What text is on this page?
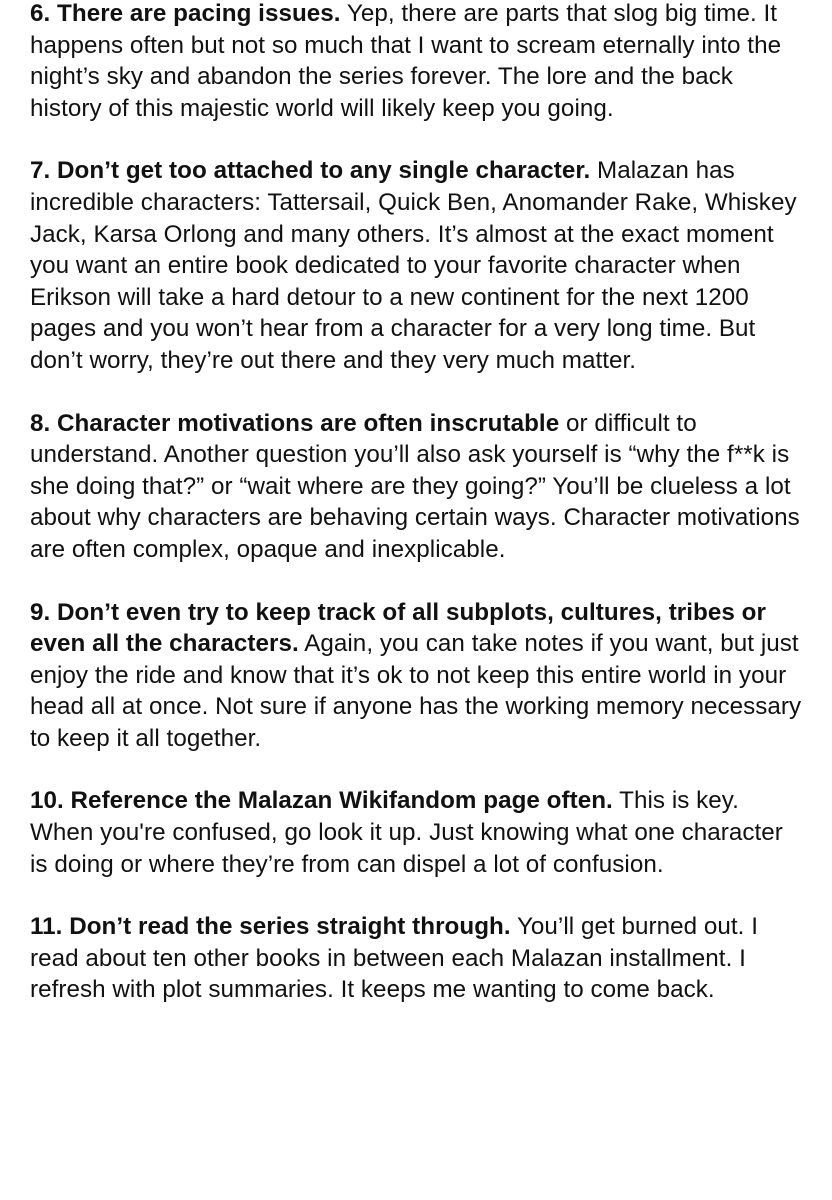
6. There are pacing issues. Yep, there are parts that slog big time. It happens often but not so much that I want to scream eternally into the night’s sky and abandon the series forever. The lore and the back history of this majestic world will likely keep you going.

7. Don’t get too attached to any single character. Malazan has incredible characters: Tattersail, Quick Ben, Anomander Rake, Whiskey Jack, Karsa Orlong and many others. It’s almost at the exact moment you want an entire book dedicated to your favorite character when Erikson will take a hard detour to a new continent for the next 1200 pages and you won’t hear from a character for a very long time. But don’t worry, they’re out there and they very much matter.

8. Character motivations are often inscrutable or difficult to understand. Another question you’ll also ask yourself is “why the f**k is she doing that?” or “wait where are they going?” You’ll be clueless a lot about why characters are behaving certain ways. Character motivations are often complex, opaque and inexplicable.

9. Don’t even try to keep track of all subplots, cultures, tribes or even all the characters. Again, you can take notes if you want, but just enjoy the ride and know that it’s ok to not keep this entire world in your head all at once. Not sure if anyone has the working memory necessary to keep it all together.

10. Reference the Malazan Wikifandom page often. This is key. When you're confused, go look it up. Just knowing what one character is doing or where they’re from can dispel a lot of confusion.

11. Don’t read the series straight through. You’ll get burned out. I read about ten other books in between each Malazan installment. I refresh with plot summaries. It keeps me wanting to come back.
